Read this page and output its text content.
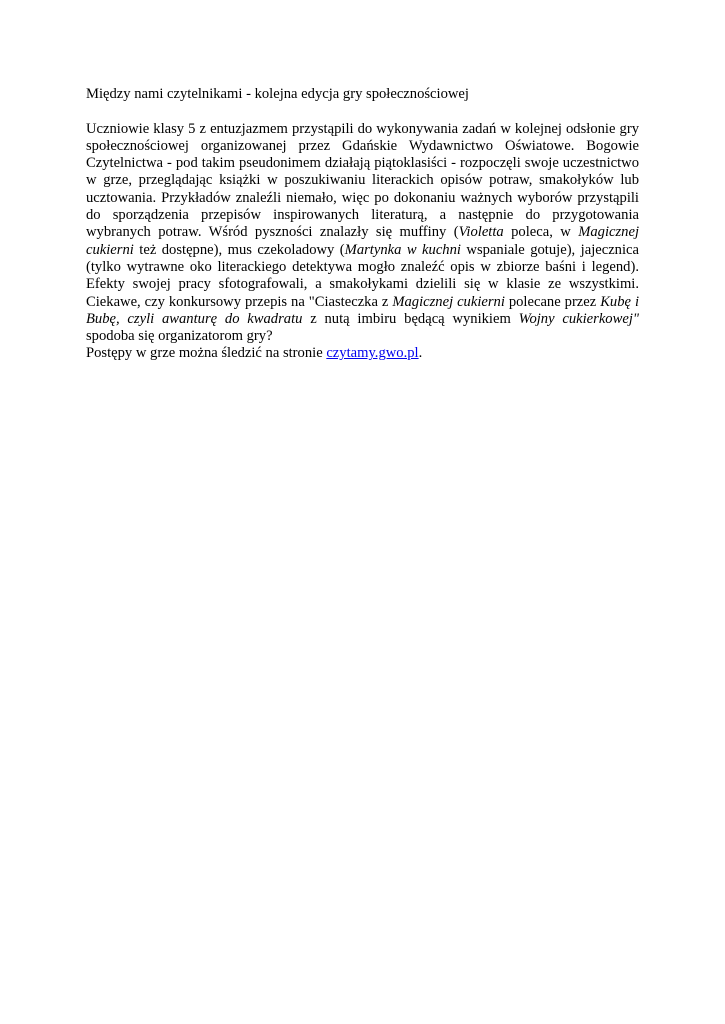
Między nami czytelnikami - kolejna edycja gry społecznościowej

Uczniowie klasy 5 z entuzjazmem przystąpili do wykonywania zadań w kolejnej odsłonie gry społecznościowej organizowanej przez Gdańskie Wydawnictwo Oświatowe. Bogowie Czytelnictwa - pod takim pseudonimem działają piątoklasiści - rozpoczęli swoje uczestnictwo w grze, przeglądając książki w poszukiwaniu literackich opisów potraw, smakołyków lub ucztowania. Przykładów znaleźli niemało, więc po dokonaniu ważnych wyborów przystąpili do sporządzenia przepisów inspirowanych literaturą, a następnie do przygotowania wybranych potraw. Wśród pyszności znalazły się muffiny (Violetta poleca, w Magicznej cukierni też dostępne), mus czekoladowy (Martynka w kuchni wspaniale gotuje), jajecznica (tylko wytrawne oko literackiego detektywa mogło znaleźć opis w zbiorze baśni i legend). Efekty swojej pracy sfotografowali, a smakołykami dzielili się w klasie ze wszystkimi. Ciekawe, czy konkursowy przepis na "Ciasteczka z Magicznej cukierni polecane przez Kubę i Bubę, czyli awanturę do kwadratu z nutą imbiru będącą wynikiem Wojny cukierkowej" spodoba się organizatorom gry?

Postępy w grze można śledzić na stronie czytamy.gwo.pl.
